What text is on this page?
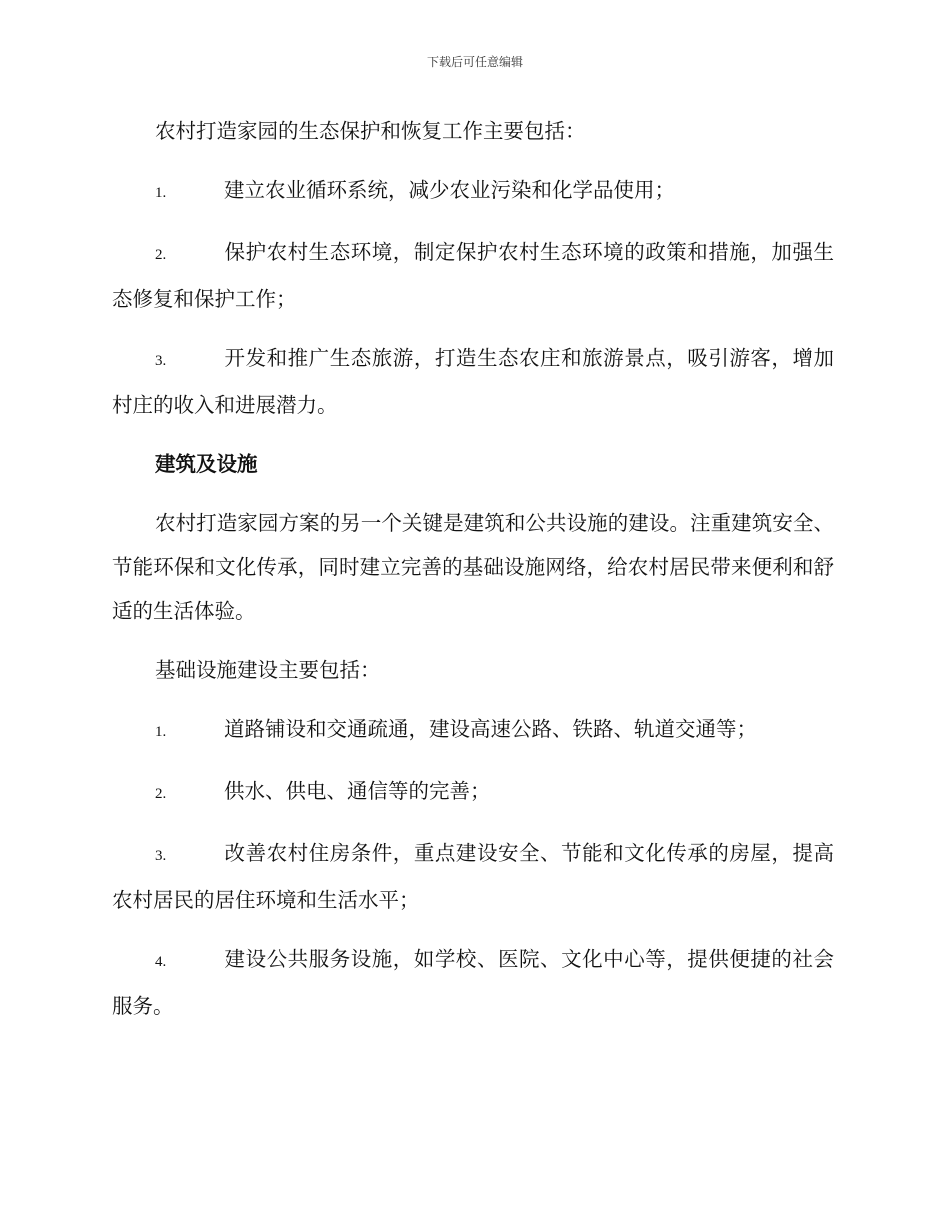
下载后可任意编辑

农村打造家园的生态保护和恢复工作主要包括：

1.	建立农业循环系统，减少农业污染和化学品使用；

2.	保护农村生态环境，制定保护农村生态环境的政策和措施，加强生态修复和保护工作；

3.	开发和推广生态旅游，打造生态农庄和旅游景点，吸引游客，增加村庄的收入和进展潜力。

建筑及设施

农村打造家园方案的另一个关键是建筑和公共设施的建设。注重建筑安全、节能环保和文化传承，同时建立完善的基础设施网络，给农村居民带来便利和舒适的生活体验。

基础设施建设主要包括：

1.	道路铺设和交通疏通，建设高速公路、铁路、轨道交通等；

2.	供水、供电、通信等的完善；

3.	改善农村住房条件，重点建设安全、节能和文化传承的房屋，提高农村居民的居住环境和生活水平；

4.	建设公共服务设施，如学校、医院、文化中心等，提供便捷的社会服务。
